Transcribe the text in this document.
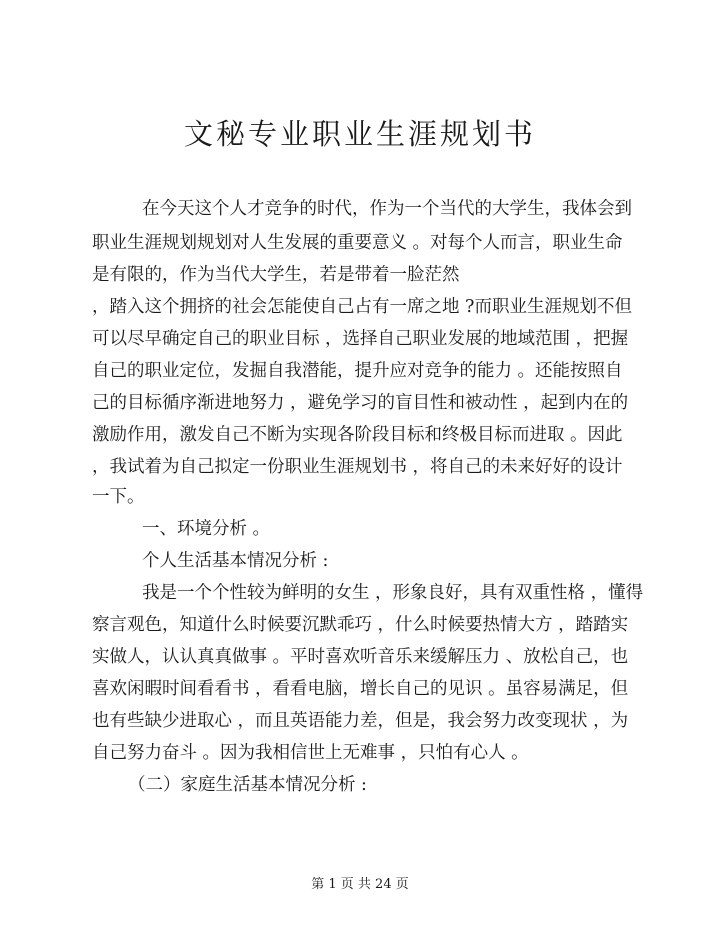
文秘专业职业生涯规划书
在今天这个人才竞争的时代，作为一个当代的大学生，我体会到
职业生涯规划规划对人生发展的重要意义 。对每个人而言，职业生命
是有限的，作为当代大学生，若是带着一脸茫然
，踏入这个拥挤的社会怎能使自己占有一席之地 ?而职业生涯规划不但
可以尽早确定自己的职业目标 ，选择自己职业发展的地域范围 ，把握
自己的职业定位，发掘自我潜能，提升应对竞争的能力 。还能按照自
己的目标循序渐进地努力 ，避免学习的盲目性和被动性 ，起到内在的
激励作用，激发自己不断为实现各阶段目标和终极目标而进取 。因此
，我试着为自己拟定一份职业生涯规划书 ，将自己的未来好好的设计
一下。
一、环境分析 。
个人生活基本情况分析 :
我是一个个性较为鲜明的女生 ，形象良好，具有双重性格 ，懂得
察言观色，知道什么时候要沉默乖巧 ，什么时候要热情大方 ，踏踏实
实做人，认认真真做事 。平时喜欢听音乐来缓解压力 、放松自己，也
喜欢闲暇时间看看书 ，看看电脑，增长自己的见识 。虽容易满足，但
也有些缺少进取心 ，而且英语能力差，但是，我会努力改变现状 ，为
自己努力奋斗 。因为我相信世上无难事 ，只怕有心人 。
（二）家庭生活基本情况分析 :
第 1 页 共 24 页
